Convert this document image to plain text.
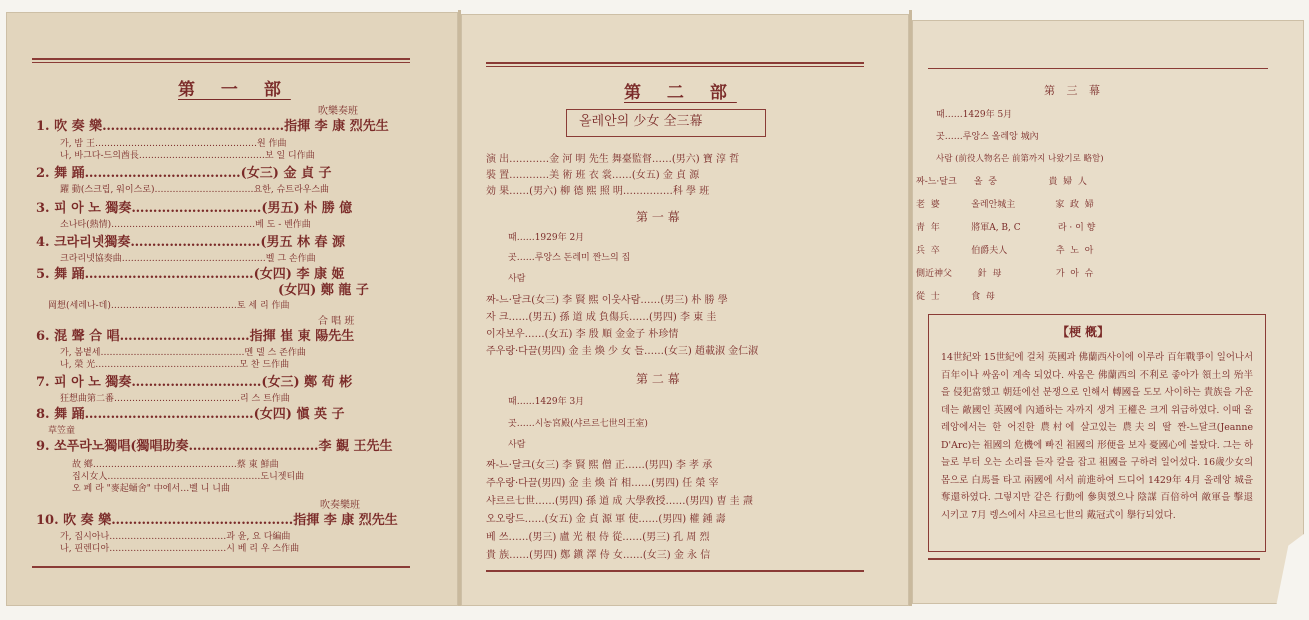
第 一 部
吹樂奏班
1. 吹 奏 樂……………………………………指揮 李 康 烈先生
가, 밤 王………………………………………………원 作曲
나, 바그다-드의酋長……………………………………보 일 디作曲
2. 舞 踊………………………………(女三) 金 貞 子
躍 動(스크립, 워이스로)……………………………요한, 슈트라우스曲
3. 피 아 노 獨奏…………………………(男五) 朴 勝 億
소나타(熱情)…………………………………………베 도 - 벤作曲
4. 크라리넷獨奏…………………………(男五 林 春 源
크라리넷協奏曲…………………………………………벨 그 손作曲
5. 舞 踊…………………………………(女四) 李 康 姬
(女四) 鄭 龍 子
岡想(세레나-데)……………………………………토 세 리 作曲
合 唱 班
6. 混 聲 合 唱…………………………指揮 崔 東 陽先生
가, 봄볕세…………………………………………멘 델 스 존作曲
나, 榮 光…………………………………………모 찬 드作曲
7. 피 아 노 獨奏…………………………(女三) 鄭 荀 彬
狂想曲第二番……………………………………리 스 트作曲
8. 舞 踊…………………………………(女四) 愼 英 子
草笠童
9. 쏘푸라노獨唱(獨唱助奏…………………………李 覲 王先生
故 鄕…………………………………………蔡 東 鮮曲
집시女人……………………………………………도니젯티曲
오 페 라 "麥起蛹舍" 中에서…벨 니 니曲
吹奏樂班
10. 吹 奏 樂……………………………………指揮 李 康 烈先生
가, 집시아나…………………………………과 윤, 요 다編曲
나, 핀렌디아…………………………………시 베 리 우 스作曲
第 二 部
올레안의 少女 全三幕
演 出…………金 河 明 先生 舞臺監督……(男六) 寶 淳 哲
裝 置…………美 術 班 衣 裳……(女五) 金 貞 源
効 果……(男六) 柳 德 熙 照 明……………科 學 班
第 一 幕
때……1929年 2月
곳……루앙스 돈레미 짠느의 집
사람
짜-느·달크(女三) 李 賢 熙 이웃사람……(男三) 朴 勝 學
자 크……(男五) 孫 道 成 負傷兵……(男四) 李 東 圭
이자보우……(女五) 李 殷 順 金金子 朴珍情
주우랑·다끌(男四) 金 圭 煥 少 女 들……(女三) 趙載淑 金仁淑
第 二 幕
때……1429年 3月
곳……시농宮殿(샤르르七世의王室)
사람
짜-느·달크(女三) 李 賢 熙 僧 正……(男四) 李 孝 承
주우랑·다끌(男四) 金 圭 煥 首 相……(男四) 任 榮 宰
샤르르七世……(男四) 孫 道 成 大學敎授……(男四) 曺 圭 燾
오오랑드……(女五) 金 貞 源 軍 使……(男四) 權 鍾 壽
베 쓰……(男三) 盧 光 根 侍 從……(男三) 孔 周 烈
貴 族……(男四) 鄭 鎭 澤 侍 女……(女三) 金 永 信
第 三 幕
때……1429年 5月
곳……루앙스 올레앙 城內
사람 (前役人物名은 前第까지 나왔기로 略함)
짜-느·달크      올  중                  貴  婦  人
老  婆           올레안城主              家  政  婦
靑  年           將軍A, B, C             라 · 이 향
兵  卒           伯爵夫人                 추  노  아
側近神父         針  母                   가  아  슈
從  士           食  母
【梗 槪】
14世紀와 15世紀에 걸처 英國과 佛蘭西사이에 이루라 百年戰爭이 일어나서 百年이나 싸움이 계속 되었다. 싸움은 佛蘭西의 不利로 좋아가 領土의 殆半을 侵犯當했고 朝廷에선 분쟁으로 인해서 轉國을 도모 사이하는 貴族을 가운데는 敵國인 英國에 內通하는 자까지 생겨 王權은 크게 위급하였다. 이때 올레앙에서는 한 어진한 農村에 살고있는 農夫의 딸 짠-느달크(Jeanne D'Arc)는 祖國의 危機에 빠진 祖國의 形便을 보자 憂國心에 불탔다. 그는 하늘로 부터 오는 소리를 듣자 칼을 잡고 祖國을 구하려 일어섰다. 16歲少女의 몸으로 白馬를 타고 兩國에 서서 前進하여 드디어 1429年 4月 올레앙 城을 奪還하였다. 그렇지만 같은 行動에 參與했으나 陰謀 百倍하여 敵軍을 擊退시키고 7月 렝스에서 샤르르七世의 戴冠式이 擧行되었다.
